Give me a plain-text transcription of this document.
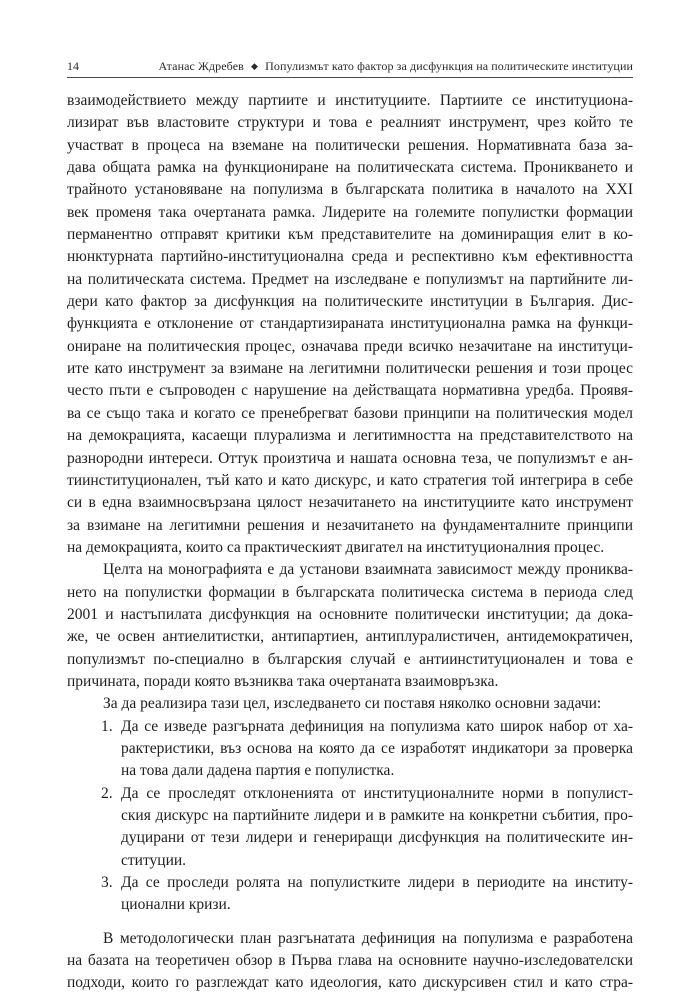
14	Атанас Ждребев ◆ Популизмът като фактор за дисфункция на политическите институции
взаимодействието между партиите и институциите. Партиите се институциона-
лизират във властовите структури и това е реалният инструмент, чрез който те
участват в процеса на вземане на политически решения. Нормативната база за-
дава общата рамка на функциониране на политическата система. Проникването и
трайното установяване на популизма в българската политика в началото на XXI
век променя така очертаната рамка. Лидерите на големите популистки формации
перманентно отправят критики към представителите на доминиращия елит в ко-
нюнктурната партийно-институционална среда и респективно към ефективността
на политическата система. Предмет на изследване е популизмът на партийните ли-
дери като фактор за дисфункция на политическите институции в България. Дис-
функцията е отклонение от стандартизираната институционална рамка на функци-
ониране на политическия процес, означава преди всичко незачитане на институци-
ите като инструмент за взимане на легитимни политически решения и този процес
често пъти е съпроводен с нарушение на действащата нормативна уредба. Проявя-
ва се също така и когато се пренебрегват базови принципи на политическия модел
на демокрацията, касаещи плурализма и легитимността на представителството на
разнородни интереси. Оттук произтича и нашата основна теза, че популизмът е ан-
тиинституционален, тъй като и като дискурс, и като стратегия той интегрира в себе
си в една взаимносвързана цялост незачитането на институциите като инструмент
за взимане на легитимни решения и незачитането на фундаменталните принципи
на демокрацията, които са практическият двигател на институционалния процес.
Целта на монографията е да установи взаимната зависимост между прониква-
нето на популистки формации в българската политическа система в периода след
2001 и настъпилата дисфункция на основните политически институции; да дока-
же, че освен антиелитистки, антипартиен, антиплуралистичен, антидемократичен,
популизмът по-специално в българския случай е антиинституционален и това е
причината, поради която възниква така очертаната взаимовръзка.
За да реализира тази цел, изследването си поставя няколко основни задачи:
1. Да се изведе разгърната дефиниция на популизма като широк набор от ха-
рактеристики, въз основа на която да се изработят индикатори за проверка
на това дали дадена партия е популистка.
2. Да се проследят отклоненията от институционалните норми в популист-
ския дискурс на партийните лидери и в рамките на конкретни събития, про-
дуцирани от тези лидери и генериращи дисфункция на политическите ин-
ституции.
3. Да се проследи ролята на популистките лидери в периодите на институ-
ционални кризи.
В методологически план разгънатата дефиниция на популизма е разработена
на базата на теоретичен обзор в Първа глава на основните научно-изследователски
подходи, които го разглеждат като идеология, като дискурсивен стил и като стра-
